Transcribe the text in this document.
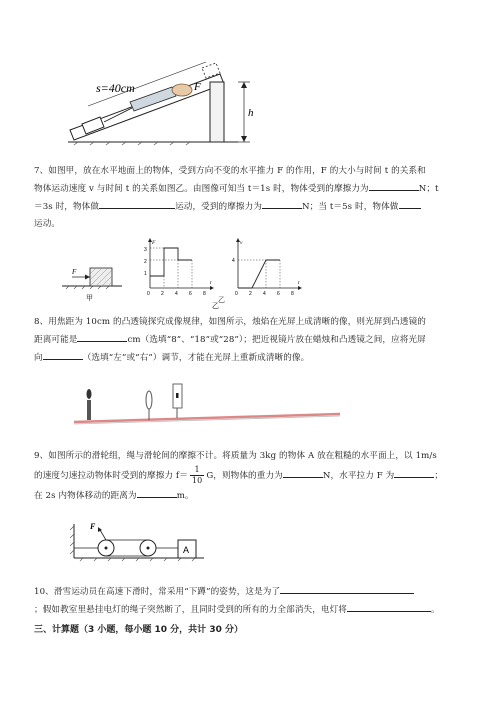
s=40cm	F
h
7、如图甲，放在水平地面上的物体，受到方向不变的水平推力 F 的作用，F 的大小与时间 t 的关系和
物体运动速度 v 与时间 t 的关系如图乙。由图像可知当 t＝1s 时，物体受到的摩擦力为	N；t
＝3s 时，物体做	运动，受到的摩擦力为	N；当 t＝5s 时，物体做
运动。
F
甲
F
t
3
2
1
0 2 4 6 8
v
t
4
0 2 4 6 8
乙
乙
8、用焦距为 10cm 的凸透镜探究成像规律，如图所示，烛焰在光屏上成清晰的像，则光屏到凸透镜的
距离可能是	cm（选填“8”、“18”或“28”）；把近视镜片放在蜡烛和凸透镜之间，应将光屏
向	（选填“左”或“右”）调节，才能在光屏上重新成清晰的像。
9、如图所示的滑轮组，绳与滑轮间的摩擦不计。将质量为 3kg 的物体 A 放在粗糙的水平面上，以 1m/s
的速度匀速拉动物体时受到的摩擦力 $f= \frac{1}{10}$ G，则物体的重力为	N，水平拉力 F 为	；
在 2s 内物体移动的距离为	m。
F
A
10、滑雪运动员在高速下滑时，常采用“下蹲”的姿势，这是为了
；假如教室里悬挂电灯的绳子突然断了，且同时受到的所有的力全部消失，电灯将	。
三、计算题（3 小题，每小题 10 分，共计 30 分）
